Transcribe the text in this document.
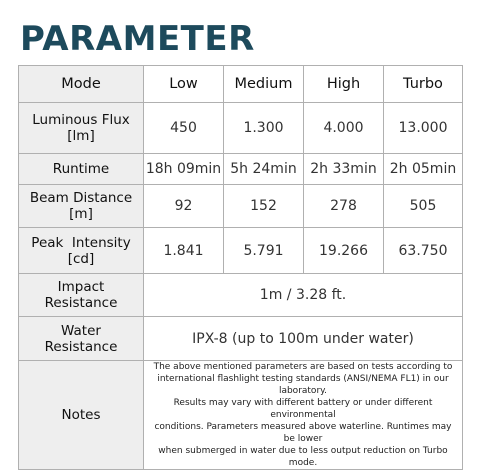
PARAMETER
Mode	Low	Medium	High	Turbo

Luminous Flux
[lm]	450	1.300	4.000	13.000
Runtime	18h 09min	5h 24min	2h 33min	2h 05min

Beam Distance
[m]	92	152	278	505

Peak  Intensity
[cd]	1.841	5.791	19.266	63.750

Impact
Resistance	1m / 3.28 ft.			

Water
Resistance	IPX-8 (up to 100m under water)			
Notes	The above mentioned parameters are based on tests according to
international flashlight testing standards (ANSI/NEMA FL1) in our laboratory.
Results may vary with different battery or under different environmental
conditions. Parameters measured above waterline. Runtimes may be lower
when submerged in water due to less output reduction on Turbo mode.			
